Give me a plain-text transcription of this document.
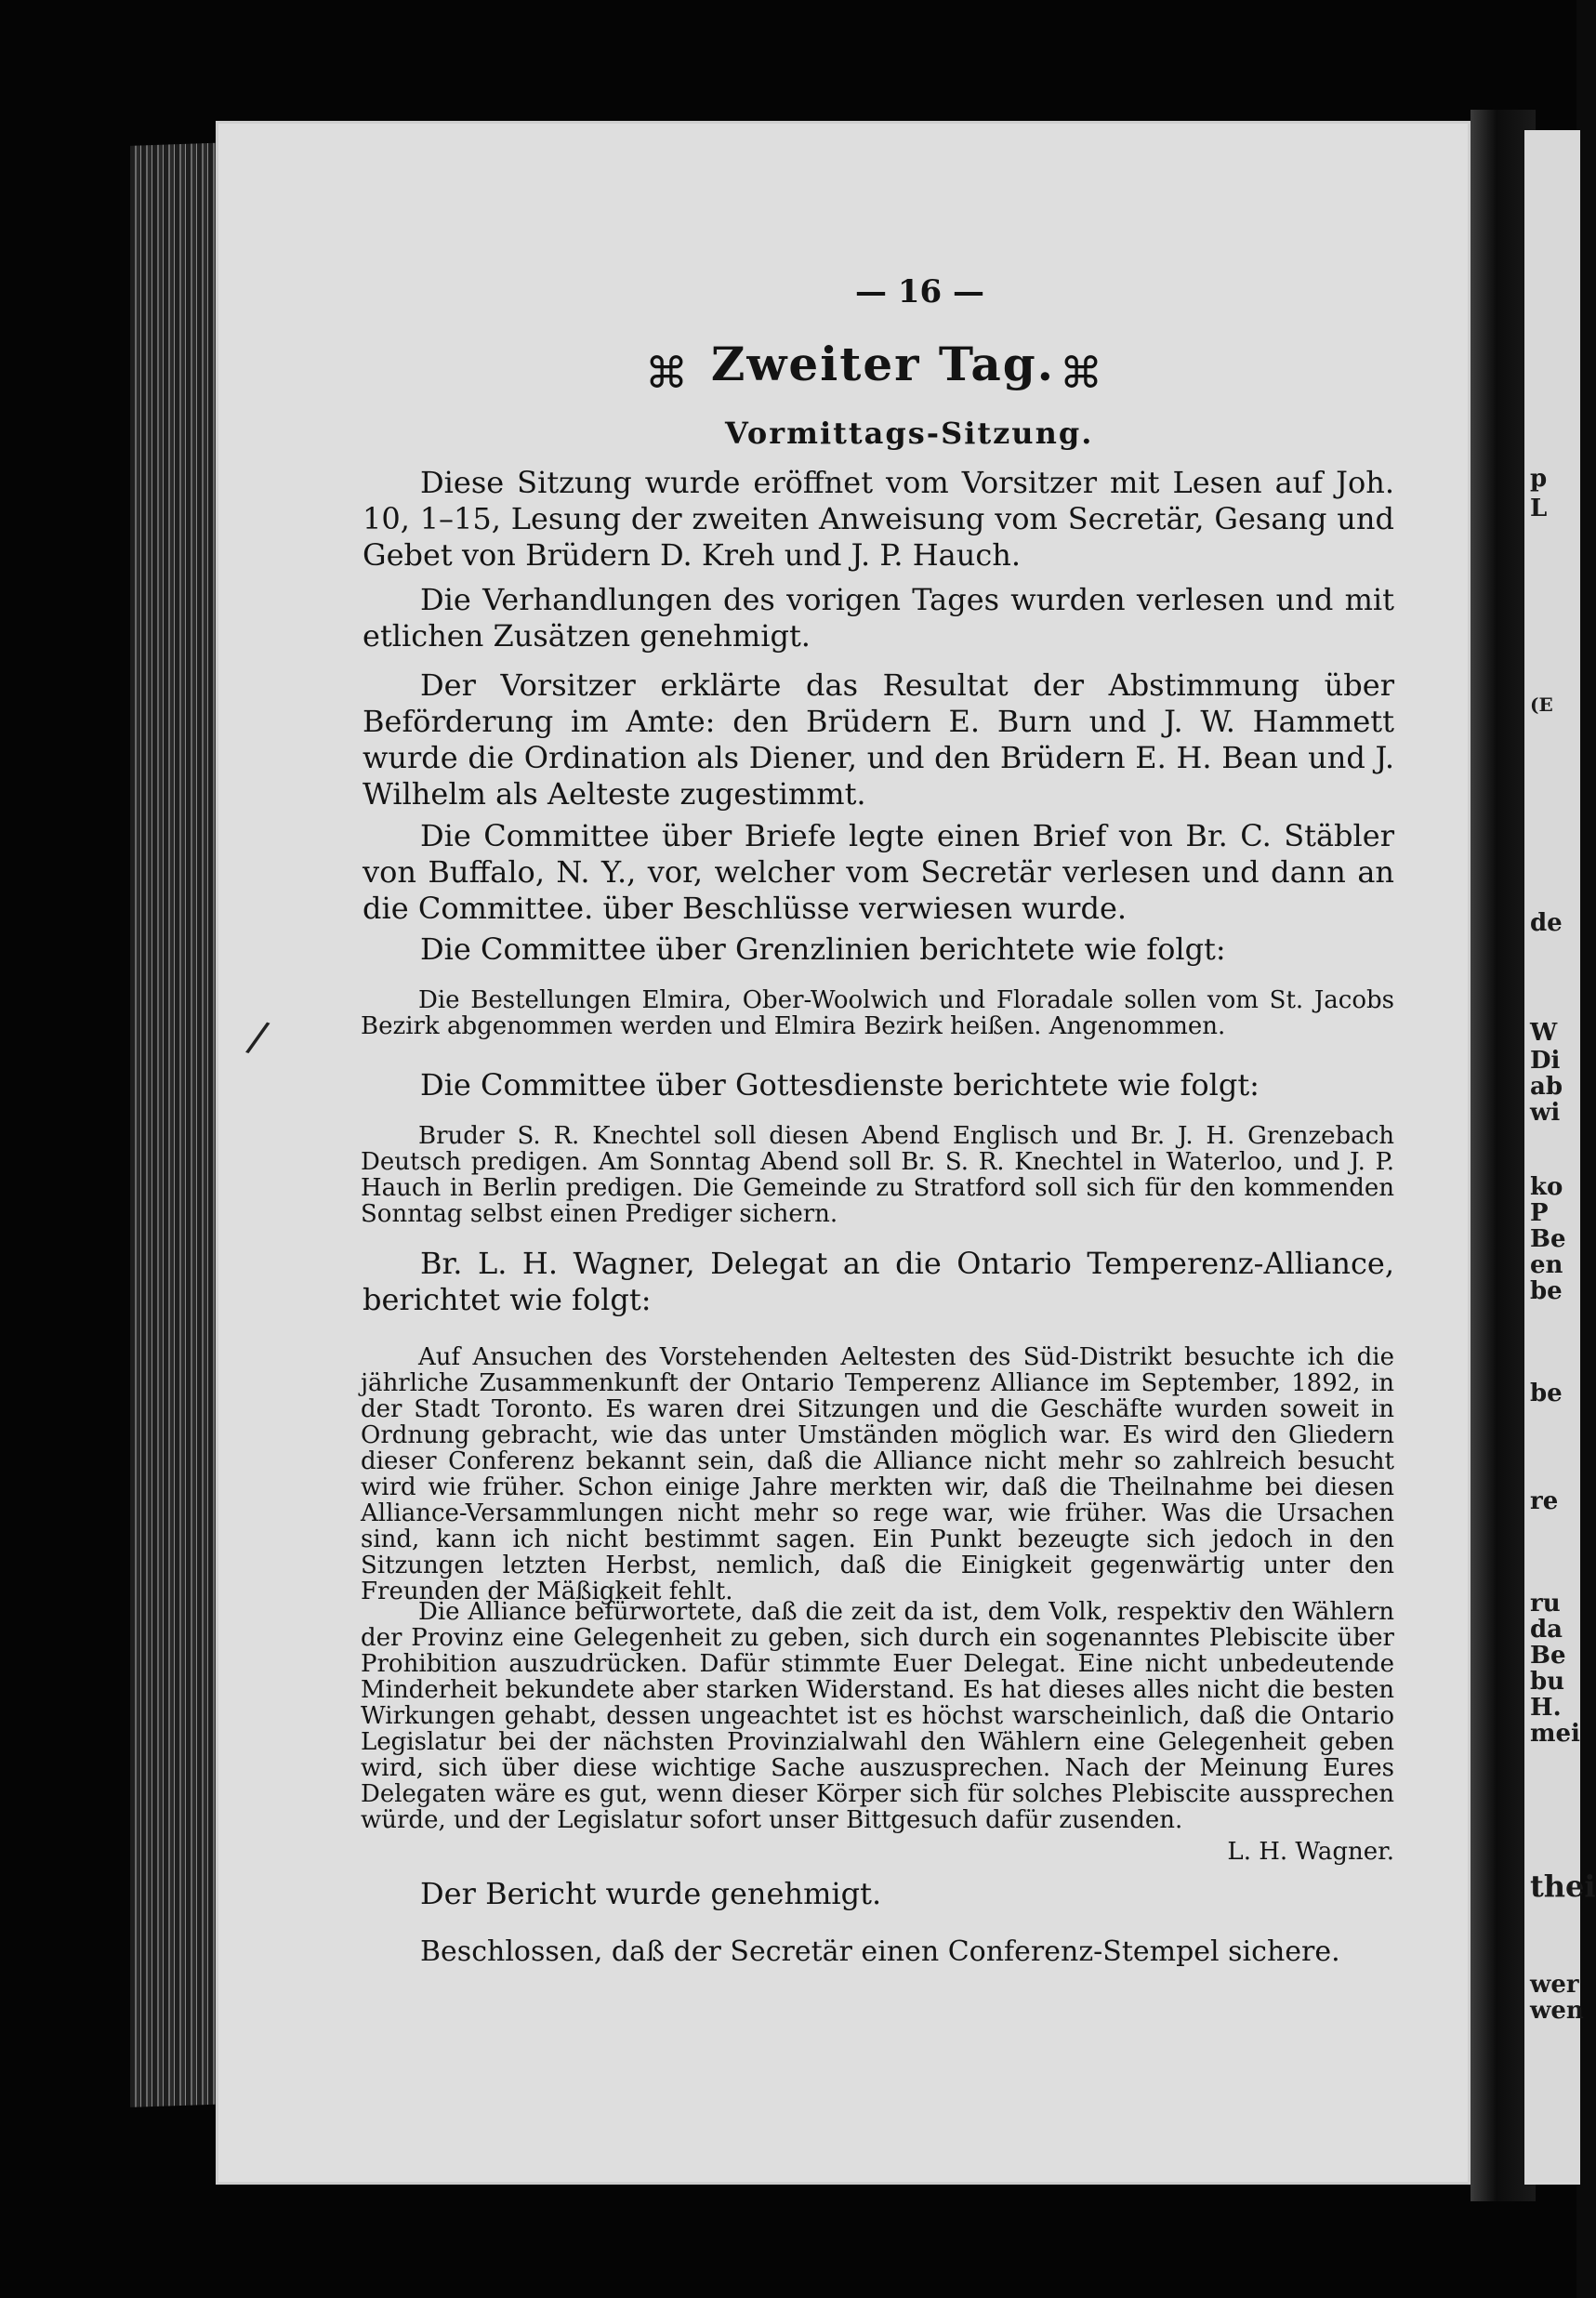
p
L
(E
de
W
Di
ab
wi
ko
P
Be
en
be
be
re
ru
da
Be
bu
H.
mei
thei
wer
wen
— 16 —
⌘ Zweiter Tag. ⌘
Vormittags-Sitzung.
Diese Sitzung wurde eröffnet vom Vorsitzer mit Lesen auf Joh. 10, 1–15, Lesung der zweiten Anweisung vom Secretär, Gesang und Gebet von Brüdern D. Kreh und J. P. Hauch.
Die Verhandlungen des vorigen Tages wurden verlesen und mit etlichen Zusätzen genehmigt.
Der Vorsitzer erklärte das Resultat der Abstimmung über Beförderung im Amte: den Brüdern E. Burn und J. W. Hammett wurde die Ordination als Diener, und den Brüdern E. H. Bean und J. Wilhelm als Aelteste zugestimmt.
Die Committee über Briefe legte einen Brief von Br. C. Stäbler von Buffalo, N. Y., vor, welcher vom Secretär verlesen und dann an die Committee. über Beschlüsse verwiesen wurde.
Die Committee über Grenzlinien berichtete wie folgt:
Die Bestellungen Elmira, Ober-Woolwich und Floradale sollen vom St. Jacobs Bezirk abgenommen werden und Elmira Bezirk heißen. Angenommen.
Die Committee über Gottesdienste berichtete wie folgt:
Bruder S. R. Knechtel soll diesen Abend Englisch und Br. J. H. Grenzebach Deutsch predigen. Am Sonntag Abend soll Br. S. R. Knechtel in Waterloo, und J. P. Hauch in Berlin predigen. Die Gemeinde zu Stratford soll sich für den kommenden Sonntag selbst einen Prediger sichern.
Br. L. H. Wagner, Delegat an die Ontario Temperenz-Alliance, berichtet wie folgt:
Auf Ansuchen des Vorstehenden Aeltesten des Süd-Distrikt besuchte ich die jährliche Zusammenkunft der Ontario Temperenz Alliance im September, 1892, in der Stadt Toronto. Es waren drei Sitzungen und die Geschäfte wurden soweit in Ordnung gebracht, wie das unter Umständen möglich war. Es wird den Gliedern dieser Conferenz bekannt sein, daß die Alliance nicht mehr so zahlreich besucht wird wie früher. Schon einige Jahre merkten wir, daß die Theilnahme bei diesen Alliance-Versammlungen nicht mehr so rege war, wie früher. Was die Ursachen sind, kann ich nicht bestimmt sagen. Ein Punkt bezeugte sich jedoch in den Sitzungen letzten Herbst, nemlich, daß die Einigkeit gegenwärtig unter den Freunden der Mäßigkeit fehlt.
Die Alliance befürwortete, daß die zeit da ist, dem Volk, respektiv den Wählern der Provinz eine Gelegenheit zu geben, sich durch ein sogenanntes Plebiscite über Prohibition auszudrücken. Dafür stimmte Euer Delegat. Eine nicht unbedeutende Minderheit bekundete aber starken Widerstand. Es hat dieses alles nicht die besten Wirkungen gehabt, dessen ungeachtet ist es höchst warscheinlich, daß die Ontario Legislatur bei der nächsten Provinzialwahl den Wählern eine Gelegenheit geben wird, sich über diese wichtige Sache auszusprechen. Nach der Meinung Eures Delegaten wäre es gut, wenn dieser Körper sich für solches Plebiscite aussprechen würde, und der Legislatur sofort unser Bittgesuch dafür zusenden.
L. H. Wagner.
Der Bericht wurde genehmigt.
Beschlossen, daß der Secretär einen Conferenz-Stempel sichere.
/
